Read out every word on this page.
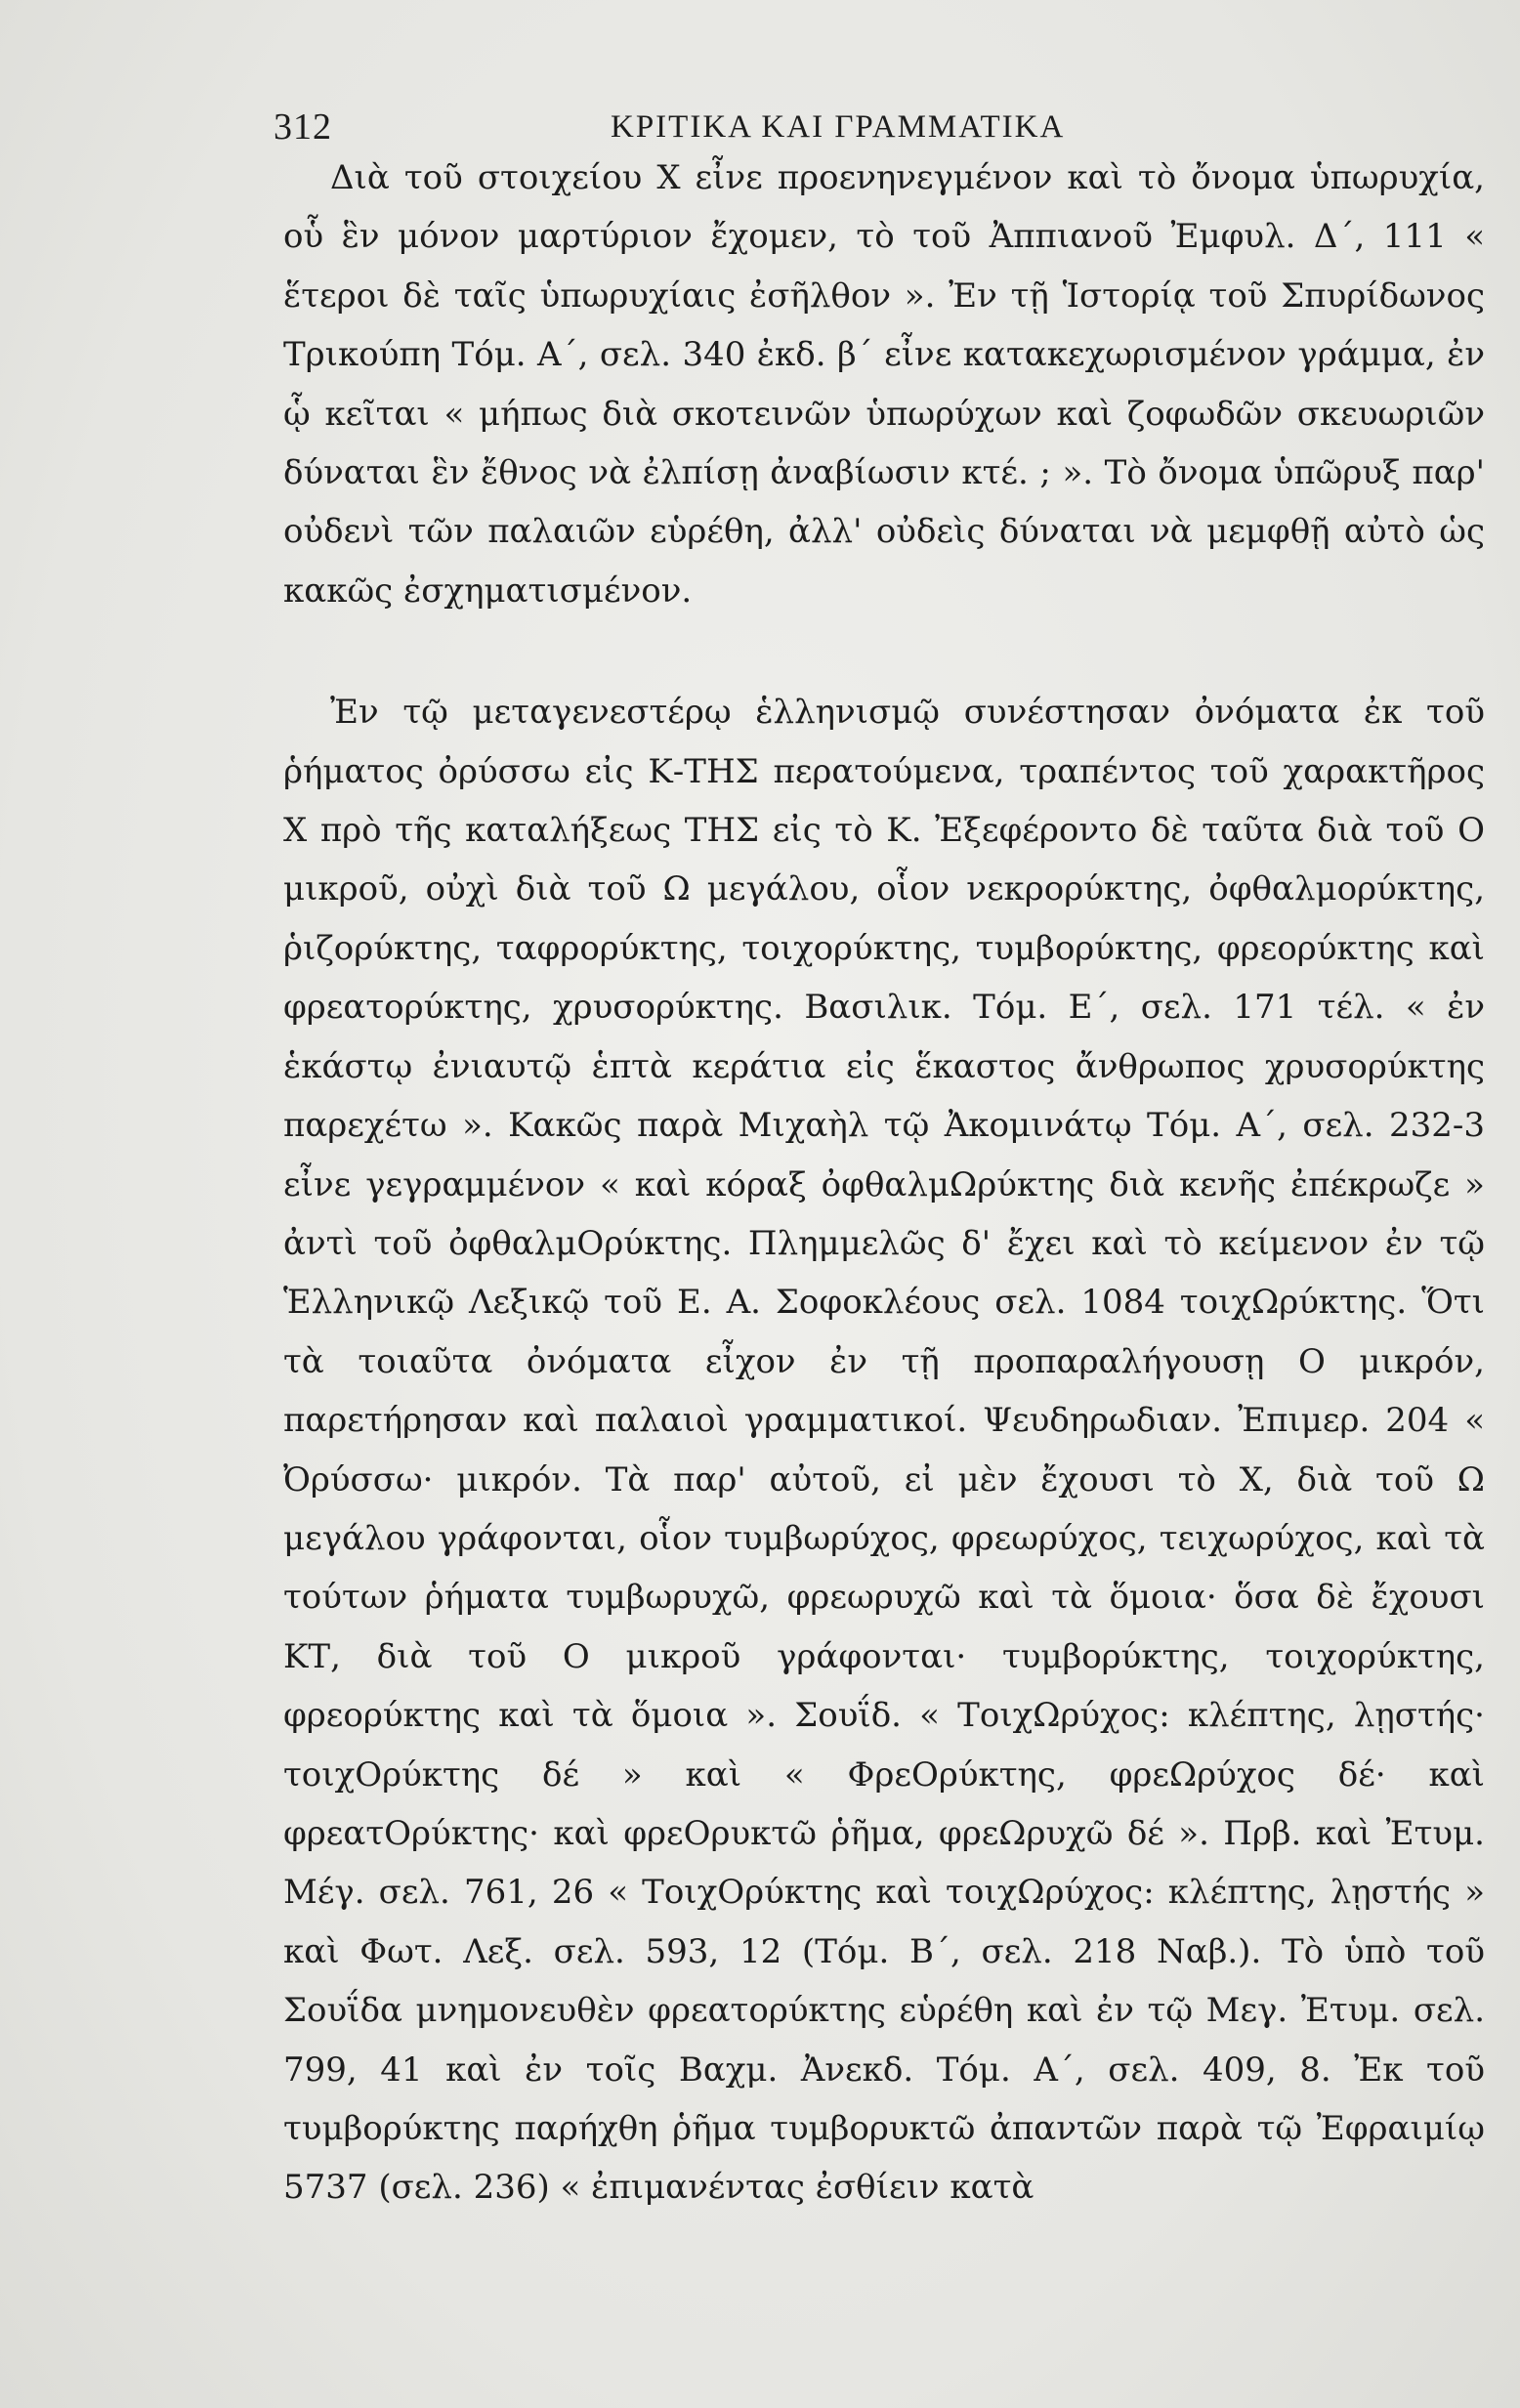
312	ΚΡΙΤΙΚΑ ΚΑΙ ΓΡΑΜΜΑΤΙΚΑ

Διὰ τοῦ στοιχείου Χ εἶνε προενηνεγμένον καὶ τὸ ὄνομα ὑπωρυχία, οὗ ἓν μόνον μαρτύριον ἔχομεν, τὸ τοῦ Ἀππιανοῦ Ἐμφυλ. Δ΄, 111 « ἕτεροι δὲ ταῖς ὑπωρυχίαις ἐσῆλθον ». Ἐν τῇ Ἱστορίᾳ τοῦ Σπυρίδωνος Τρικούπη Τόμ. Α΄, σελ. 340 ἐκδ. β΄ εἶνε κατακεχωρισμένον γράμμα, ἐν ᾧ κεῖται « μήπως διὰ σκοτεινῶν ὑπωρύχων καὶ ζοφωδῶν σκευωριῶν δύναται ἓν ἔθνος νὰ ἐλπίσῃ ἀναβίωσιν κτέ. ; ». Τὸ ὄνομα ὑπῶρυξ παρ' οὐδενὶ τῶν παλαιῶν εὑρέθη, ἀλλ' οὐδεὶς δύναται νὰ μεμφθῇ αὐτὸ ὡς κακῶς ἐσχηματισμένον.

Ἐν τῷ μεταγενεστέρῳ ἑλληνισμῷ συνέστησαν ὀνόματα ἐκ τοῦ ῥήματος ὀρύσσω εἰς Κ-ΤΗΣ περατούμενα, τραπέντος τοῦ χαρακτῆρος Χ πρὸ τῆς καταλήξεως ΤΗΣ εἰς τὸ Κ. Ἐξεφέροντο δὲ ταῦτα διὰ τοῦ Ο μικροῦ, οὐχὶ διὰ τοῦ Ω μεγάλου, οἷον νεκρορύκτης, ὀφθαλμορύκτης, ῥιζορύκτης, ταφρορύκτης, τοιχορύκτης, τυμβορύκτης, φρεορύκτης καὶ φρεατορύκτης, χρυσορύκτης. Βασιλικ. Τόμ. Ε΄, σελ. 171 τέλ. « ἐν ἑκάστῳ ἐνιαυτῷ ἑπτὰ κεράτια εἰς ἕκαστος ἄνθρωπος χρυσορύκτης παρεχέτω ». Κακῶς παρὰ Μιχαὴλ τῷ Ἀκομινάτῳ Τόμ. Α΄, σελ. 232-3 εἶνε γεγραμμένον « καὶ κόραξ ὀφθαλμΩρύκτης διὰ κενῆς ἐπέκρωζε » ἀντὶ τοῦ ὀφθαλμΟρύκτης. Πλημμελῶς δ' ἔχει καὶ τὸ κείμενον ἐν τῷ Ἑλληνικῷ Λεξικῷ τοῦ Ε. Α. Σοφοκλέους σελ. 1084 τοιχΩρύκτης. Ὅτι τὰ τοιαῦτα ὀνόματα εἶχον ἐν τῇ προπαραλήγουσῃ Ο μικρόν, παρετήρησαν καὶ παλαιοὶ γραμματικοί. Ψευδηρωδιαν. Ἐπιμερ. 204 « Ὀρύσσω· μικρόν. Τὰ παρ' αὐτοῦ, εἰ μὲν ἔχουσι τὸ Χ, διὰ τοῦ Ω μεγάλου γράφονται, οἷον τυμβωρύχος, φρεωρύχος, τειχωρύχος, καὶ τὰ τούτων ῥήματα τυμβωρυχῶ, φρεωρυχῶ καὶ τὰ ὅμοια· ὅσα δὲ ἔχουσι ΚΤ, διὰ τοῦ Ο μικροῦ γράφονται· τυμβορύκτης, τοιχορύκτης, φρεορύκτης καὶ τὰ ὅμοια ». Σουΐδ. « ΤοιχΩρύχος: κλέπτης, λῃστής· τοιχΟρύκτης δέ » καὶ « ΦρεΟρύκτης, φρεΩρύχος δέ· καὶ φρεατΟρύκτης· καὶ φρεΟρυκτῶ ῥῆμα, φρεΩρυχῶ δέ ». Πρβ. καὶ Ἐτυμ. Μέγ. σελ. 761, 26 « ΤοιχΟρύκτης καὶ τοιχΩρύχος: κλέπτης, λῃστής » καὶ Φωτ. Λεξ. σελ. 593, 12 (Τόμ. Β΄, σελ. 218 Ναβ.). Τὸ ὑπὸ τοῦ Σουΐδα μνημονευθὲν φρεατορύκτης εὑρέθη καὶ ἐν τῷ Μεγ. Ἐτυμ. σελ. 799, 41 καὶ ἐν τοῖς Βαχμ. Ἀνεκδ. Τόμ. Α΄, σελ. 409, 8. Ἐκ τοῦ τυμβορύκτης παρήχθη ῥῆμα τυμβορυκτῶ ἀπαντῶν παρὰ τῷ Ἐφραιμίῳ 5737 (σελ. 236) « ἐπιμανέντας ἐσθίειν κατὰ
